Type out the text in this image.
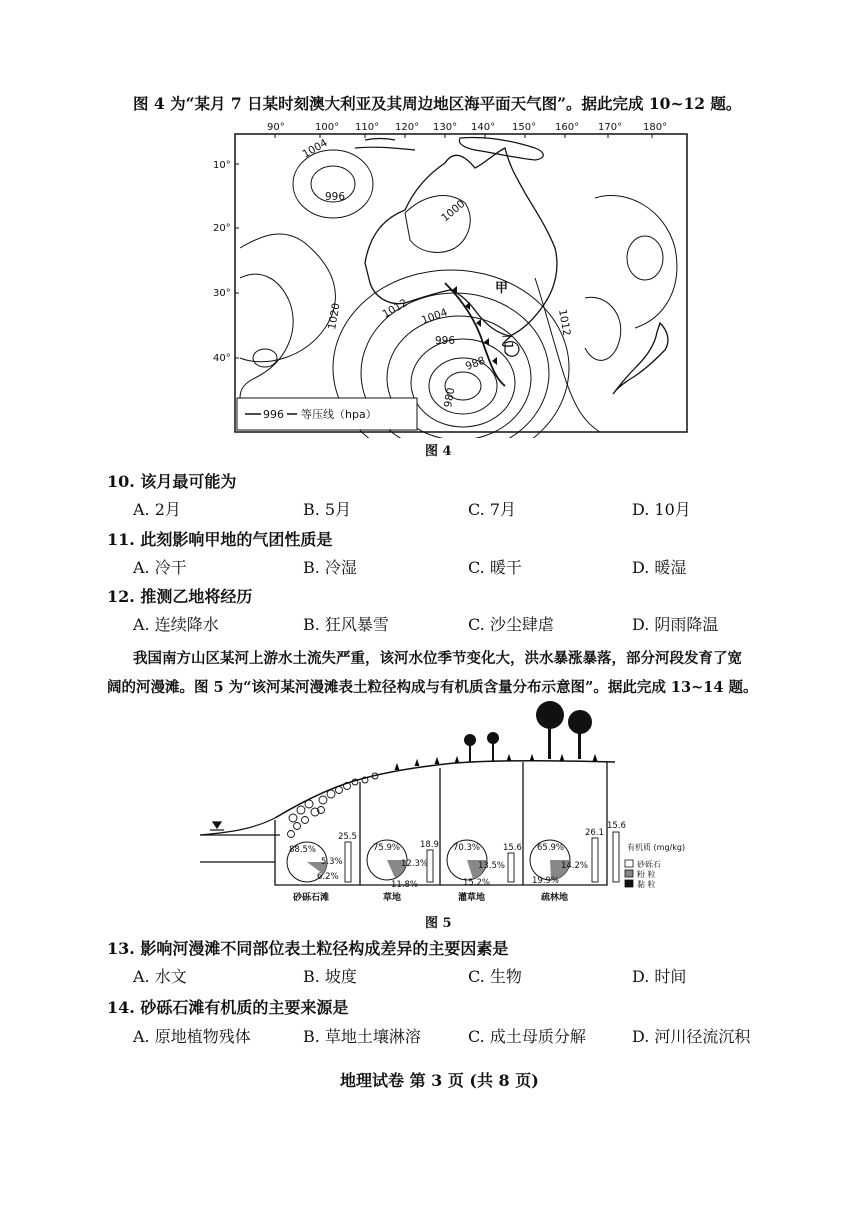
图 4 为“某月 7 日某时刻澳大利亚及其周边地区海平面天气图”。据此完成 10~12 题。
90°	100° 110° 120° 130° 140° 150° 160° 170° 180°
10°
20°
30°
40°
1004
996
1000
1012
1020	1012 1004
996
988
980
甲
乙
996 等压线（hpa）
图 4
10. 该月最可能为
A. 2月	B. 5月	C. 7月	D. 10月
11. 此刻影响甲地的气团性质是
A. 冷干	B. 冷湿	C. 暖干	D. 暖湿
12. 推测乙地将经历
A. 连续降水	B. 狂风暴雪	C. 沙尘肆虐	D. 阴雨降温
我国南方山区某河上游水土流失严重，该河水位季节变化大，洪水暴涨暴落，部分河段发育了宽
阔的河漫滩。图 5 为“该河某河漫滩表土粒径构成与有机质含量分布示意图”。据此完成 13~14 题。
88.5%
5.3%
6.2%
75.9%
12.3%
11.8%
70.3%
13.5%
15.2%
65.9%
14.2%
19.9%
25.5
18.9	15.6
26.1
砂砾石滩	草地	灌草地	疏林地
15.6
有机质 (mg/kg)
砂砾石
粉 粒
黏 粒
图 5
13. 影响河漫滩不同部位表土粒径构成差异的主要因素是
A. 水文	B. 坡度	C. 生物	D. 时间
14. 砂砾石滩有机质的主要来源是
A. 原地植物残体	B. 草地土壤淋溶	C. 成土母质分解	D. 河川径流沉积
地理试卷 第 3 页 (共 8 页)
